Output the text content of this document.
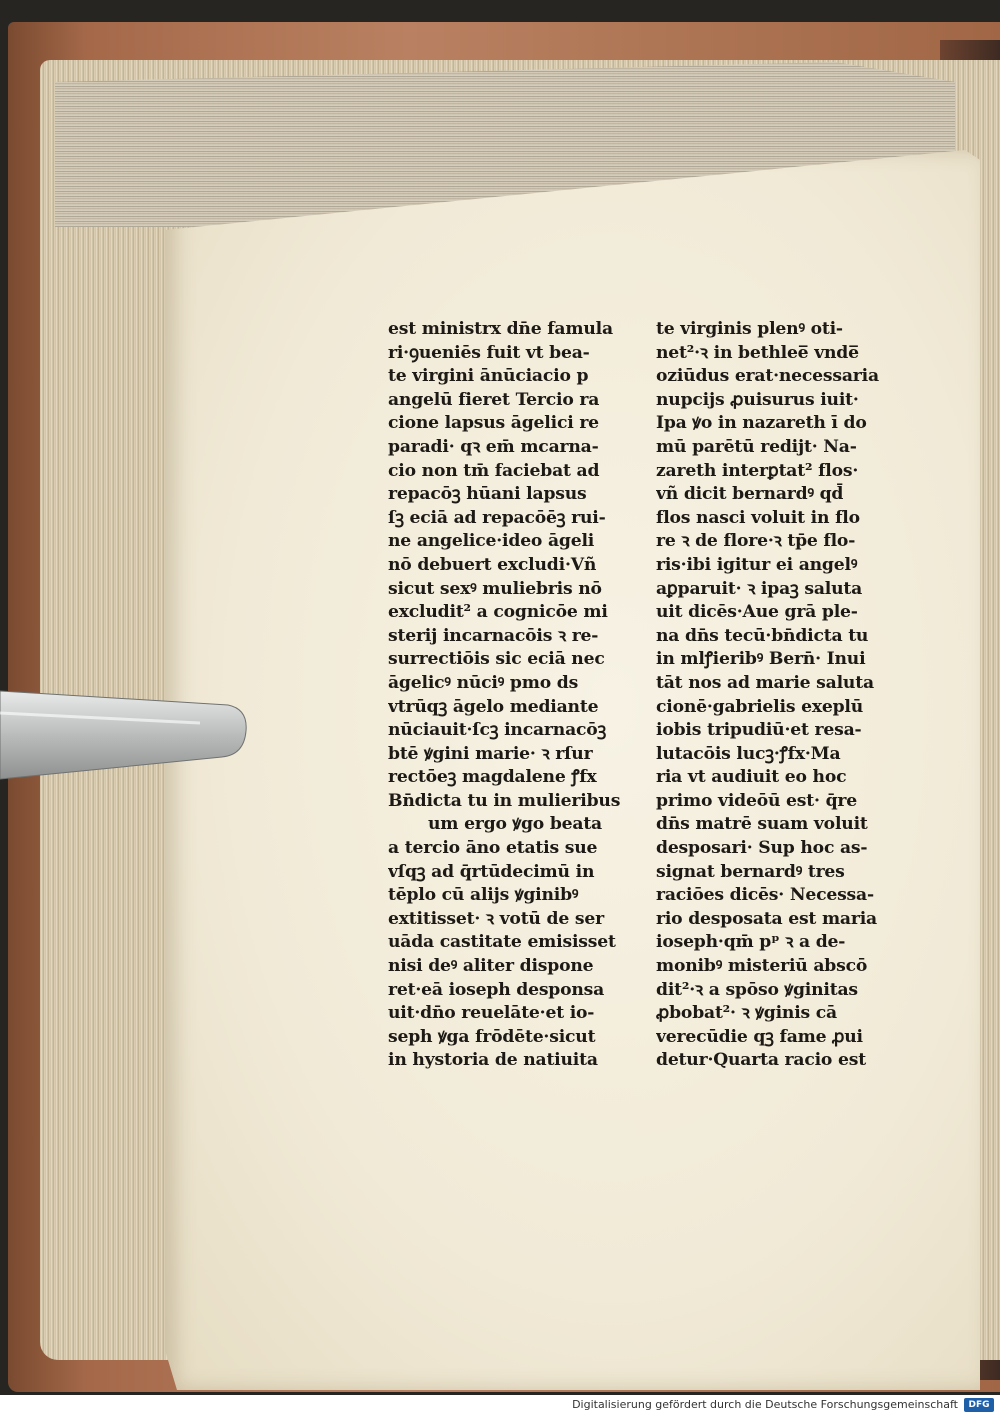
est ministrx dn̄e famula
ri·ꝯueniēs fuit vt bea-
te virgini ānūciacio p
angelū fieret Tercio ra
cione lapsus āgelici re
paradi· qꝛ em̄ mcarna-
cio non tm̄ faciebat ad
repacōꝫ hūani lapsus
ſꝫ eciā ad repacōēꝫ rui-
ne angelice·ideo āgeli
nō debuert excludi·Vñ
sicut sexꝰ muliebris nō
excludit² a cognicōe mi
sterij incarnacōis ꝛ re-
surrectiōis sic eciā nec
āgelicꝰ nūciꝰ pmo ds
vtrūqꝫ āgelo mediante
nūciauit·ſcꝫ incarnacōꝫ
btē ꝟgini marie· ꝛ rſur
rectōeꝫ magdalene ꝭfx
Bn̄dicta tu in mulieribus
um ergo ꝟgo beata
a tercio āno etatis sue
vſqꝫ ad q̄rtūdecimū in
tēplo cū alijs ꝟginibꝰ
extitisset· ꝛ votū de ser
uāda castitate emisisset
nisi deꝰ aliter dispone
ret·eā ioseph desponsa
uit·dn̄o reuelāte·et io-
seph ꝟga frōdēte·sicut
in hystoria de natiuita
te virginis plenꝰ oti-
net²·ꝛ in bethlee̅ vnde̅
oziūdus erat·necessaria
nupcijs ꝓuisurus iuit·
Ipa ꝟo in nazareth ī do
mū parētū redijt· Na-
zareth interꝑtat² flos·
vñ dicit bernardꝰ qd̄
flos nasci voluit in flo
re ꝛ de flore·ꝛ tp̄e flo-
ris·ibi igitur ei angelꝰ
aꝑparuit· ꝛ ipaꝫ saluta
uit dicēs·Aue grā ple-
na dn̄s tecū·bn̄dicta tu
in mlꝭieribꝰ Bern̄· Inui
tāt nos ad marie saluta
cionē·gabrielis exeplū
iobis tripudiū·et resa-
lutacōis lucꝫ·ꝭfx·Ma
ria vt audiuit eo hoc
primo videōū est· q̄re
dn̄s matrē suam voluit
desposari· Sup hoc as-
signat bernardꝰ tres
raciōes dicēs· Necessa-
rio desposata est maria
ioseph·qm̄ pᵖ ꝛ a de-
monibꝰ misteriū abscō
dit²·ꝛ a spōso ꝟginitas
ꝓbobat²· ꝛ ꝟginis cā
verecūdie qꝫ fame ꝓui
detur·Quarta racio est
Digitalisierung gefördert durch die Deutsche Forschungsgemeinschaft	DFG
